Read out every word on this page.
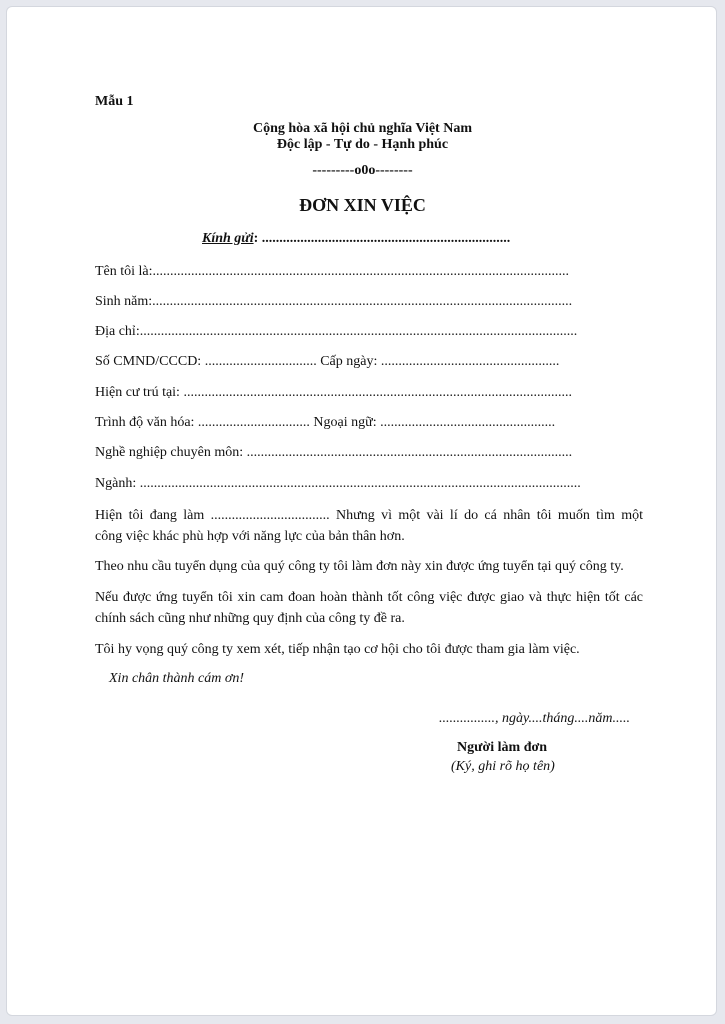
Mẫu 1
Cộng hòa xã hội chủ nghĩa Việt Nam
Độc lập - Tự do - Hạnh phúc
---------o0o--------
ĐƠN XIN VIỆC
Kính gửi: .......................................................................
Tên tôi là:.......................................................................................................................
Sinh năm:........................................................................................................................
Địa chỉ:.............................................................................................................................
Số CMND/CCCD: ................................ Cấp ngày: ...................................................
Hiện cư trú tại: ...............................................................................................................
Trình độ văn hóa: ................................ Ngoại ngữ: ..................................................
Nghề nghiệp chuyên môn: .............................................................................................
Ngành: ..............................................................................................................................
Hiện tôi đang làm .................................. Nhưng vì một vài lí do cá nhân tôi muốn tìm một
công việc khác phù hợp với năng lực của bản thân hơn.
Theo nhu cầu tuyển dụng của quý công ty tôi làm đơn này xin được ứng tuyển tại quý công ty.
Nếu được ứng tuyển tôi xin cam đoan hoàn thành tốt công việc được giao và thực hiện tốt các
chính sách cũng như những quy định của công ty đề ra.
Tôi hy vọng quý công ty xem xét, tiếp nhận tạo cơ hội cho tôi được tham gia làm việc.
Xin chân thành cám ơn!
................, ngày....tháng....năm.....
Người làm đơn
(Ký, ghi rõ họ tên)
